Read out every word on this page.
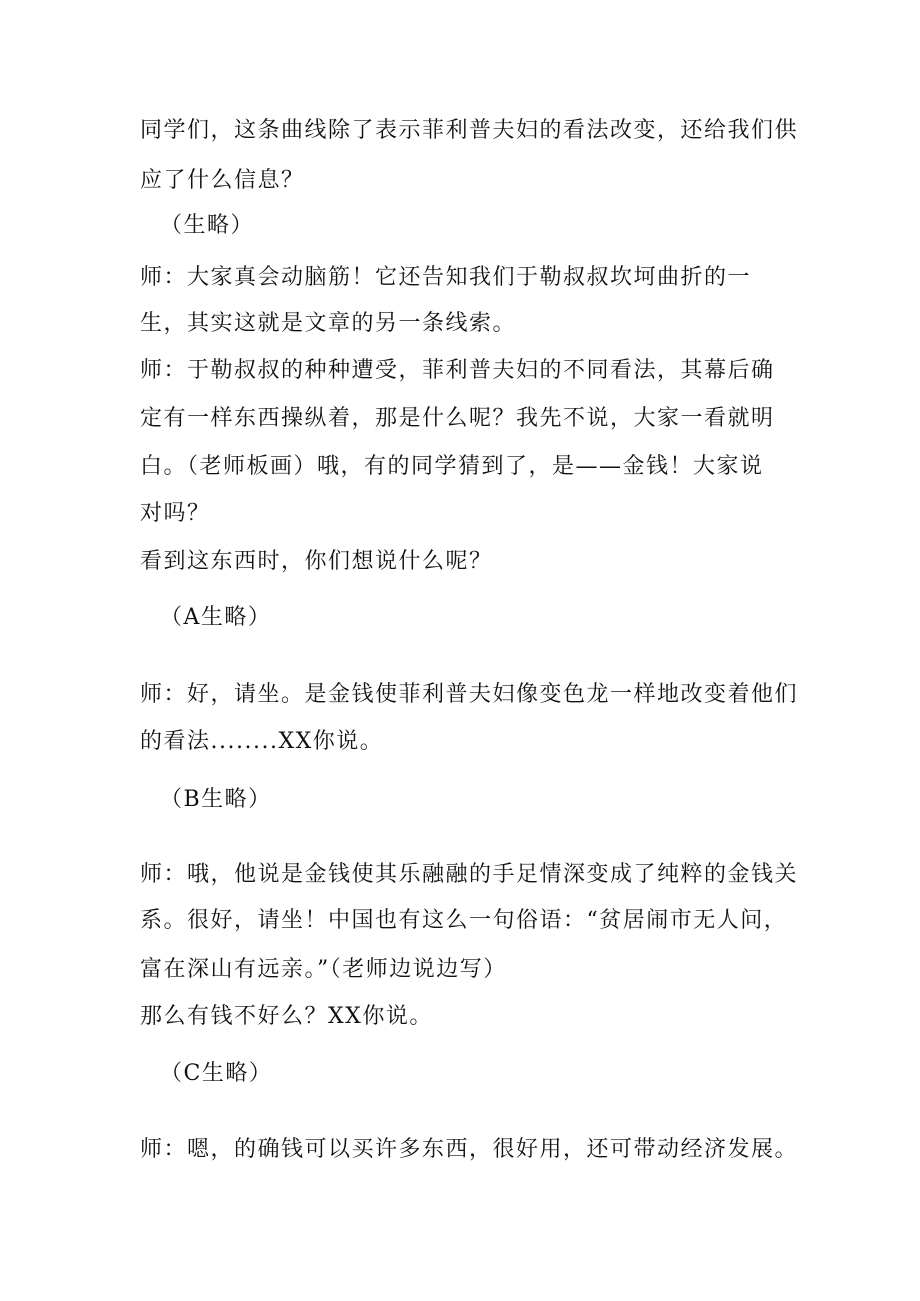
同学们，这条曲线除了表示菲利普夫妇的看法改变，还给我们供
应了什么信息？
（生略）
师：大家真会动脑筋！它还告知我们于勒叔叔坎坷曲折的一
生，其实这就是文章的另一条线索。
师：于勒叔叔的种种遭受，菲利普夫妇的不同看法，其幕后确
定有一样东西操纵着，那是什么呢？我先不说，大家一看就明
白。（老师板画）哦，有的同学猜到了，是——金钱！大家说
对吗？
看到这东西时，你们想说什么呢？
（A生略）
师：好，请坐。是金钱使菲利普夫妇像变色龙一样地改变着他们
的看法........XX你说。
（B生略）
师：哦，他说是金钱使其乐融融的手足情深变成了纯粹的金钱关
系。很好，请坐！中国也有这么一句俗语：“贫居闹市无人问，
富在深山有远亲。”（老师边说边写）
那么有钱不好么？XX你说。
（C生略）
师：嗯，的确钱可以买许多东西，很好用，还可带动经济发展。
